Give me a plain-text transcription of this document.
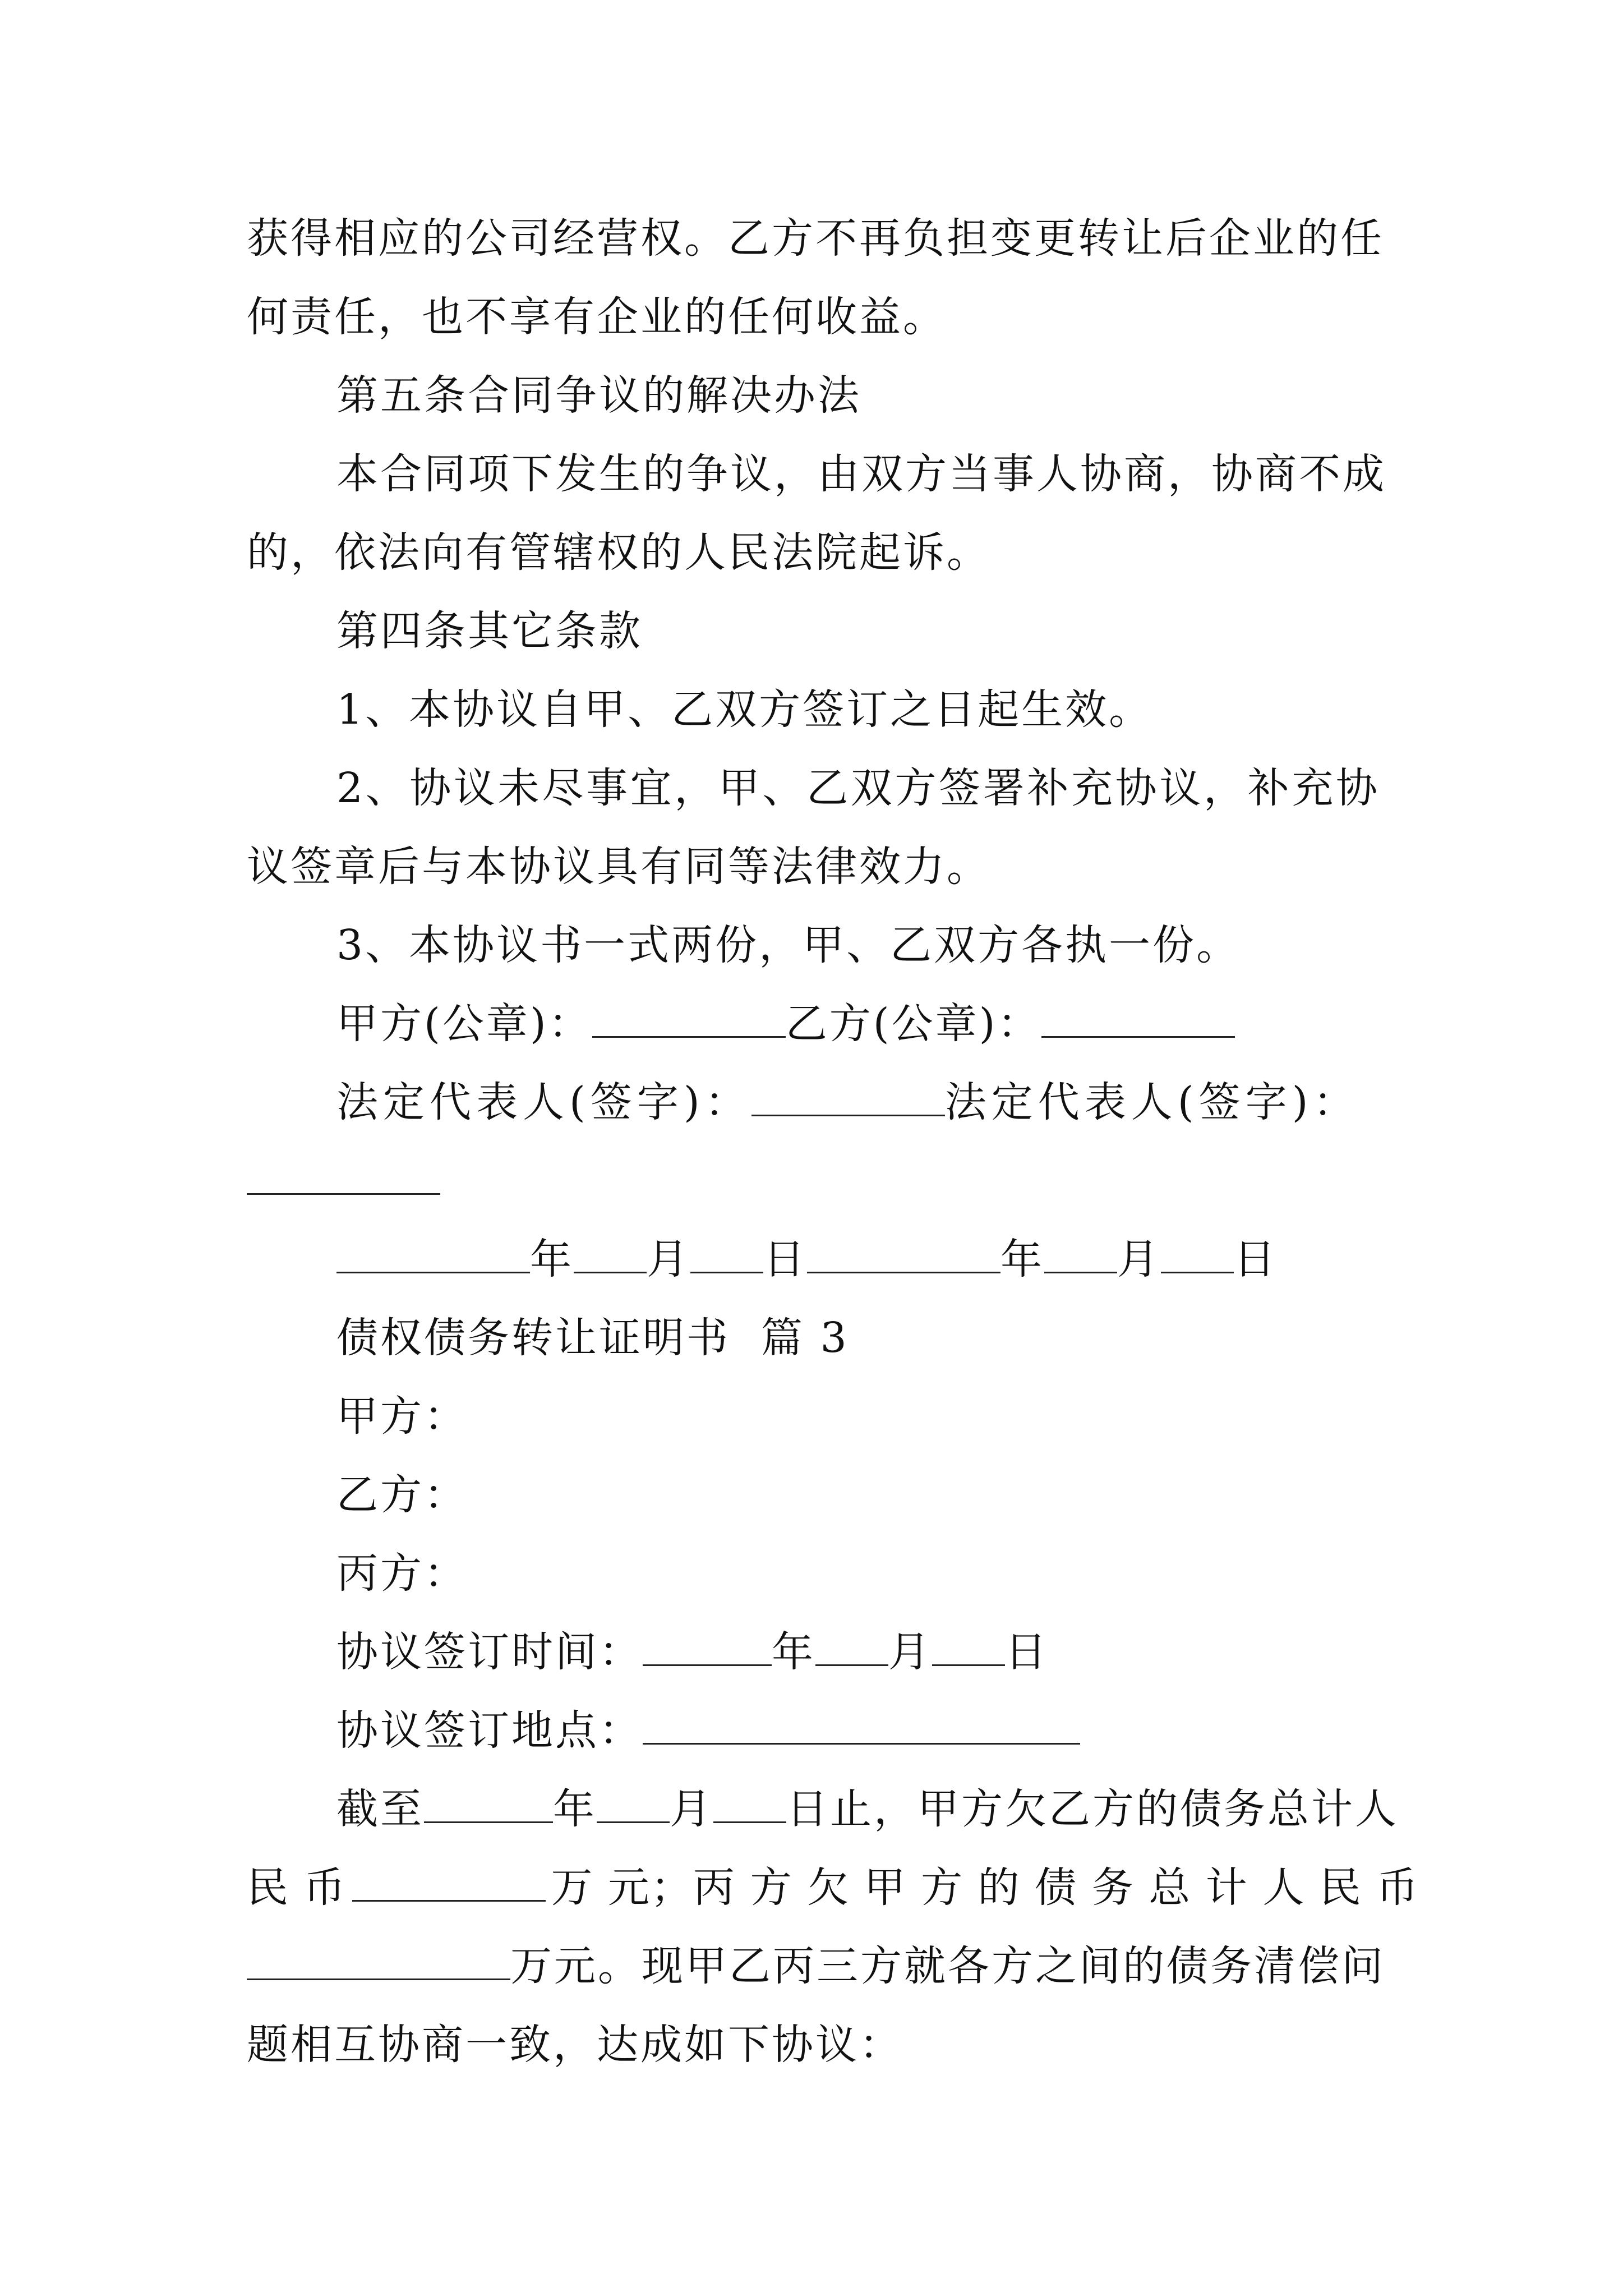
获得相应的公司经营权。乙方不再负担变更转让后企业的任
何责任，也不享有企业的任何收益。
第五条合同争议的解决办法
本合同项下发生的争议，由双方当事人协商，协商不成
的，依法向有管辖权的人民法院起诉。
第四条其它条款
1、本协议自甲、乙双方签订之日起生效。
2、协议未尽事宜，甲、乙双方签署补充协议，补充协
议签章后与本协议具有同等法律效力。
3、本协议书一式两份，甲、乙双方各执一份。
甲方(公章)：	乙方(公章)：
法定代表人(签字)：	法定代表人(签字)：
年 月 日	年 月 日
债权债务转让证明书  篇 3
甲方：
乙方：
丙方：
协议签订时间：	年 月 日
协议签订地点：
截至	年 月 日止，甲方欠乙方的债务总计人
民 币	万 元；丙 方 欠 甲 方 的 债 务 总 计 人 民 币
万元。现甲乙丙三方就各方之间的债务清偿问
题相互协商一致，达成如下协议：
